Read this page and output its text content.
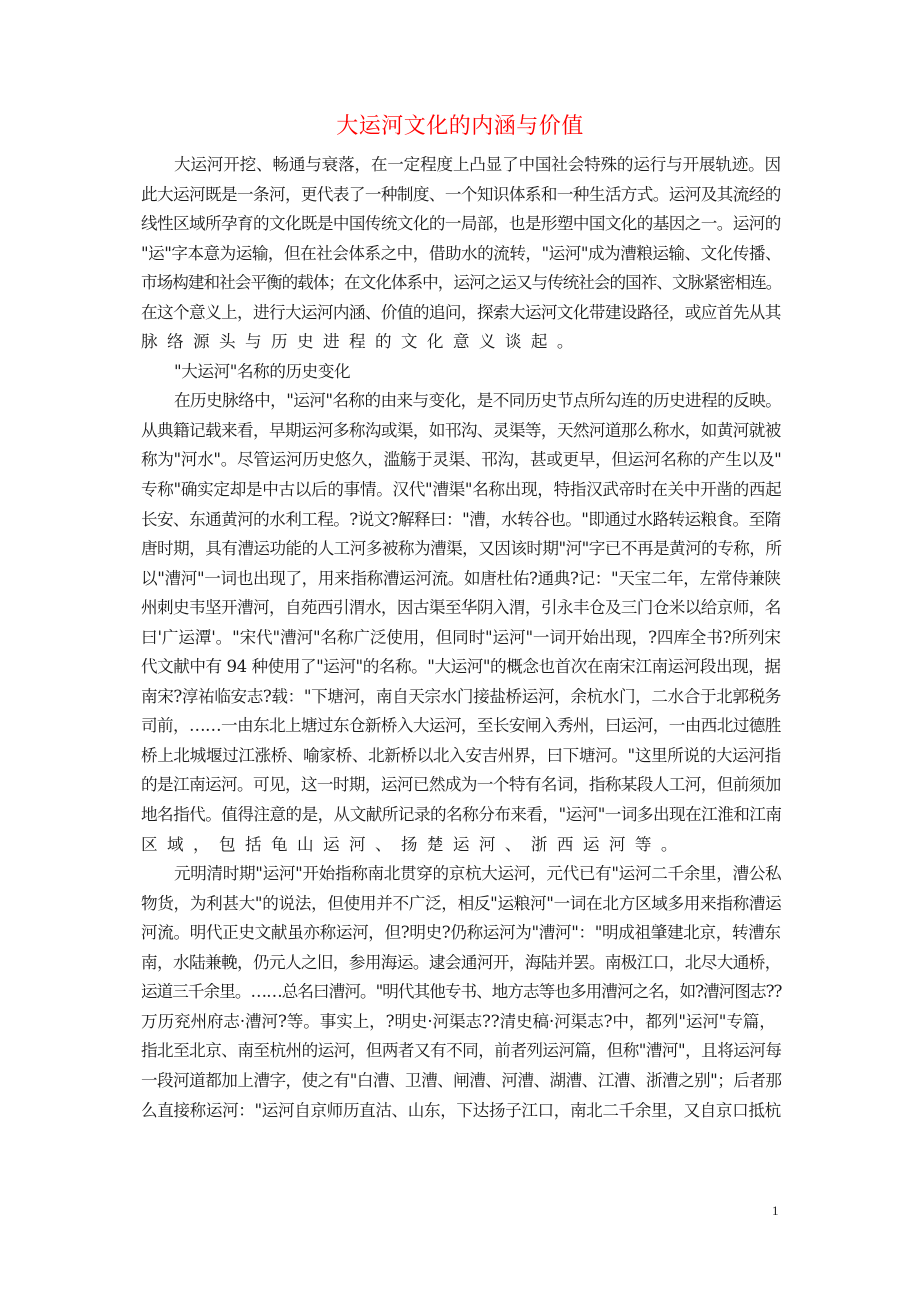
大运河文化的内涵与价值
大运河开挖、畅通与衰落，在一定程度上凸显了中国社会特殊的运行与开展轨迹。因
此大运河既是一条河，更代表了一种制度、一个知识体系和一种生活方式。运河及其流经的
线性区域所孕育的文化既是中国传统文化的一局部，也是形塑中国文化的基因之一。运河的
"运"字本意为运输，但在社会体系之中，借助水的流转，"运河"成为漕粮运输、文化传播、
市场构建和社会平衡的载体；在文化体系中，运河之运又与传统社会的国祚、文脉紧密相连。
在这个意义上，进行大运河内涵、价值的追问，探索大运河文化带建设路径，或应首先从其
脉络源头与历史进程的文化意义谈起。
"大运河"名称的历史变化
在历史脉络中，"运河"名称的由来与变化，是不同历史节点所勾连的历史进程的反映。
从典籍记载来看，早期运河多称沟或渠，如邗沟、灵渠等，天然河道那么称水，如黄河就被
称为"河水"。尽管运河历史悠久，滥觞于灵渠、邗沟，甚或更早，但运河名称的产生以及"
专称"确实定却是中古以后的事情。汉代"漕渠"名称出现，特指汉武帝时在关中开凿的西起
长安、东通黄河的水利工程。?说文?解释曰："漕，水转谷也。"即通过水路转运粮食。至隋
唐时期，具有漕运功能的人工河多被称为漕渠，又因该时期"河"字已不再是黄河的专称，所
以"漕河"一词也出现了，用来指称漕运河流。如唐杜佑?通典?记："天宝二年，左常侍兼陕
州刺史韦坚开漕河，自苑西引渭水，因古渠至华阴入渭，引永丰仓及三门仓米以给京师，名
曰'广运潭'。"宋代"漕河"名称广泛使用，但同时"运河"一词开始出现，?四库全书?所列宋
代文献中有 94 种使用了"运河"的名称。"大运河"的概念也首次在南宋江南运河段出现，据
南宋?淳祐临安志?载："下塘河，南自天宗水门接盐桥运河，余杭水门，二水合于北郭税务
司前，……一由东北上塘过东仓新桥入大运河，至长安闸入秀州，曰运河，一由西北过德胜
桥上北城堰过江涨桥、喻家桥、北新桥以北入安吉州界，曰下塘河。"这里所说的大运河指
的是江南运河。可见，这一时期，运河已然成为一个特有名词，指称某段人工河，但前须加
地名指代。值得注意的是，从文献所记录的名称分布来看，"运河"一词多出现在江淮和江南
区域，包括龟山运河、扬楚运河、浙西运河等。
元明清时期"运河"开始指称南北贯穿的京杭大运河，元代已有"运河二千余里，漕公私
物货，为利甚大"的说法，但使用并不广泛，相反"运粮河"一词在北方区域多用来指称漕运
河流。明代正史文献虽亦称运河，但?明史?仍称运河为"漕河"："明成祖肇建北京，转漕东
南，水陆兼輓，仍元人之旧，参用海运。逮会通河开，海陆并罢。南极江口，北尽大通桥，
运道三千余里。……总名曰漕河。"明代其他专书、地方志等也多用漕河之名，如?漕河图志??
万历兖州府志·漕河?等。事实上，?明史·河渠志??清史稿·河渠志?中，都列"运河"专篇，
指北至北京、南至杭州的运河，但两者又有不同，前者列运河篇，但称"漕河"，且将运河每
一段河道都加上漕字，使之有"白漕、卫漕、闸漕、河漕、湖漕、江漕、浙漕之别"；后者那
么直接称运河："运河自京师历直沽、山东，下达扬子江口，南北二千余里，又自京口抵杭
1
